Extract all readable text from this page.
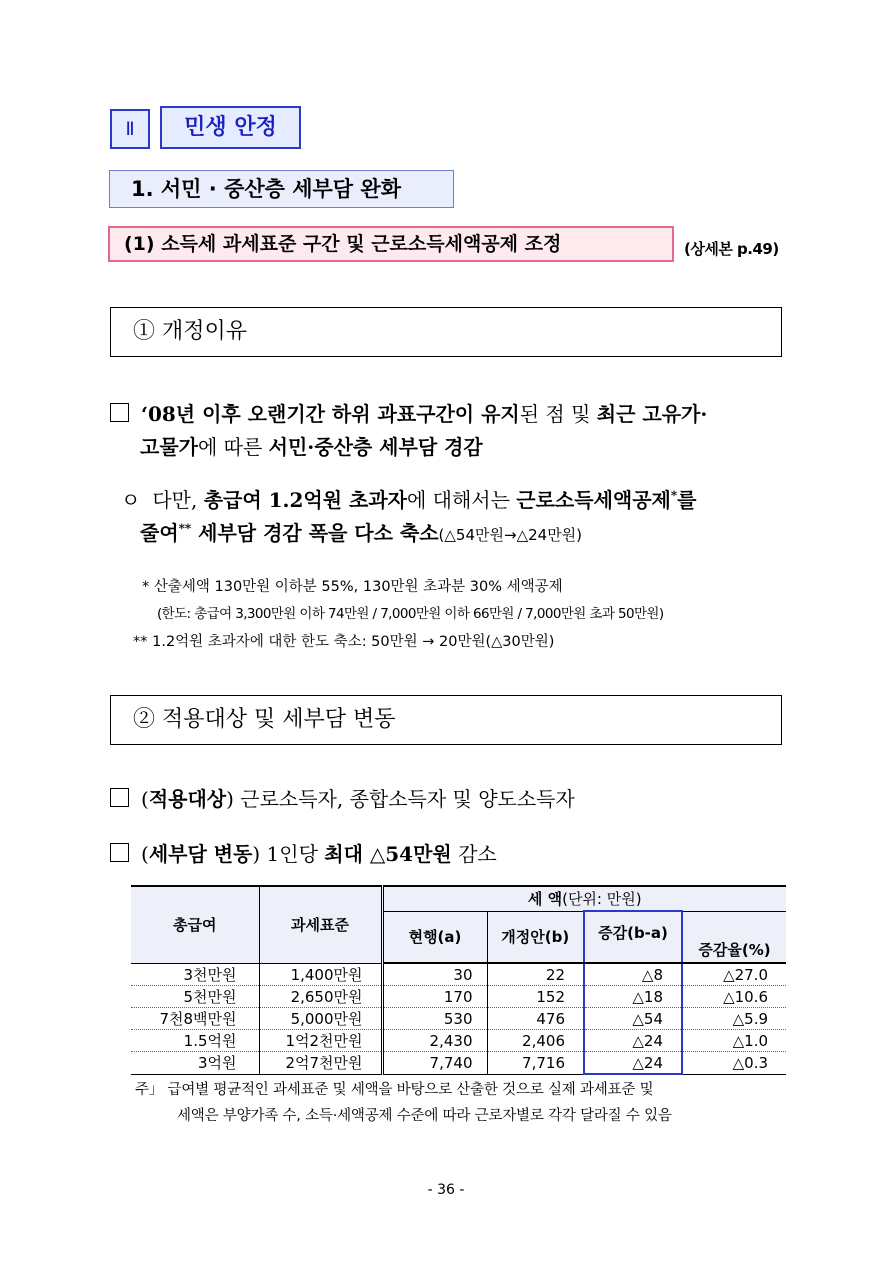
Ⅱ	민생 안정
1. 서민 · 중산층 세부담 완화
(1) 소득세 과세표준 구간 및 근로소득세액공제 조정	(상세본 p.49)
① 개정이유
‘08년 이후 오랜기간 하위 과표구간이 유지된 점 및 최근 고유가·
고물가에 따른 서민·중산층 세부담 경감
ㅇ 다만, 총급여 1.2억원 초과자에 대해서는 근로소득세액공제*를
줄여** 세부담 경감 폭을 다소 축소(△54만원→△24만원)
* 산출세액 130만원 이하분 55%, 130만원 초과분 30% 세액공제
(한도: 총급여 3,300만원 이하 74만원 / 7,000만원 이하 66만원 / 7,000만원 초과 50만원)
** 1.2억원 초과자에 대한 한도 축소: 50만원 → 20만원(△30만원)
② 적용대상 및 세부담 변동
(적용대상) 근로소득자, 종합소득자 및 양도소득자
(세부담 변동) 1인당 최대 △54만원 감소
총급여	과세표준	세 액(단위: 만원)			
		현행(a)	개정안(b)	증감(b-a)	증감율(%)
3천만원	1,400만원	30	22	△8	△27.0
5천만원	2,650만원	170	152	△18	△10.6
7천8백만원	5,000만원	530	476	△54	△5.9
1.5억원	1억2천만원	2,430	2,406	△24	△1.0
3억원	2억7천만원	7,740	7,716	△24	△0.3
주」 급여별 평균적인 과세표준 및 세액을 바탕으로 산출한 것으로 실제 과세표준 및
세액은 부양가족 수, 소득·세액공제 수준에 따라 근로자별로 각각 달라질 수 있음
- 36 -
